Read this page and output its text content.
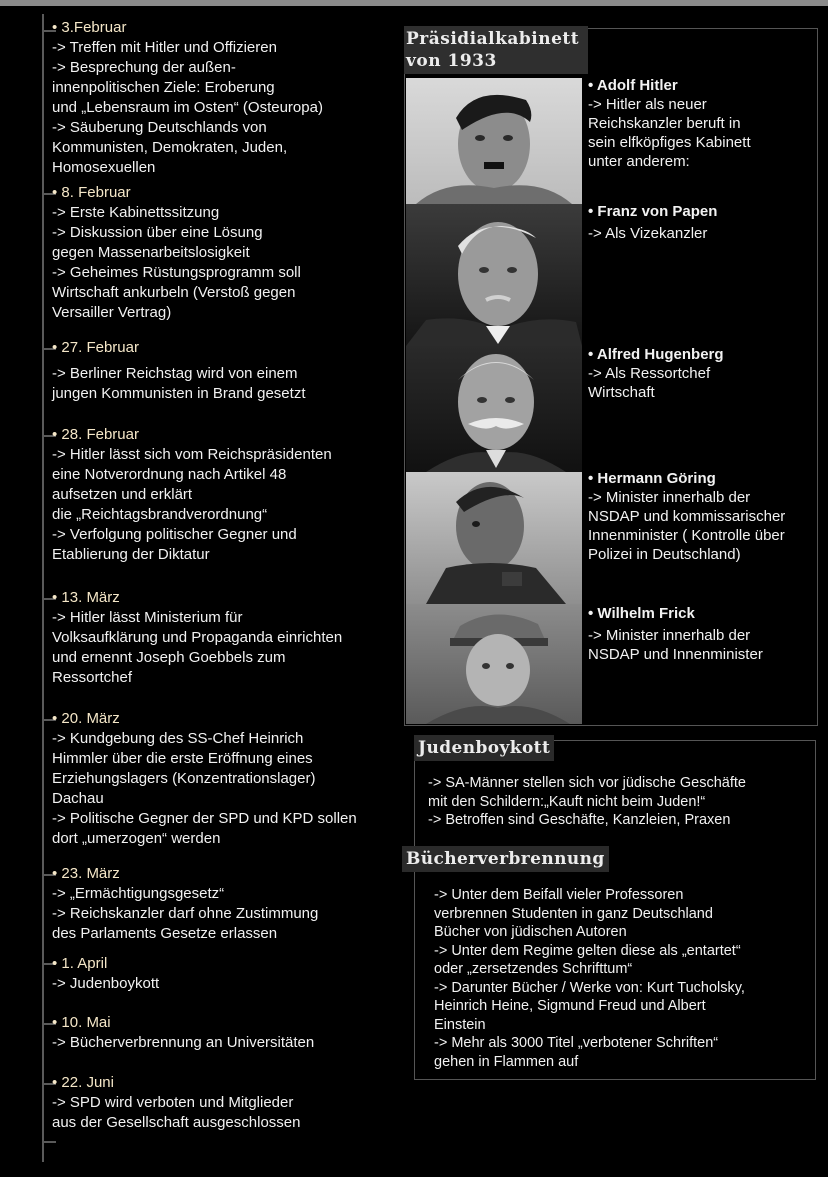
• 3.Februar
-> Treffen mit Hitler und Offizieren
-> Besprechung der außen-
innenpolitischen Ziele: Eroberung
und „Lebensraum im Osten“ (Osteuropa)
-> Säuberung Deutschlands von
Kommunisten, Demokraten, Juden,
Homosexuellen
• 8. Februar
-> Erste Kabinettssitzung
-> Diskussion über eine Lösung
gegen Massenarbeitslosigkeit
-> Geheimes Rüstungsprogramm soll
Wirtschaft ankurbeln (Verstoß gegen
Versailler Vertrag)
• 27. Februar
-> Berliner Reichstag wird von einem
jungen Kommunisten in Brand gesetzt
• 28. Februar
-> Hitler lässt sich vom Reichspräsidenten
eine Notverordnung nach Artikel 48
aufsetzen und erklärt
die „Reichtagsbrandverordnung“
-> Verfolgung politischer Gegner und
Etablierung der Diktatur
• 13. März
-> Hitler lässt Ministerium für
Volksaufklärung und Propaganda einrichten
und ernennt Joseph Goebbels zum
Ressortchef
• 20. März
-> Kundgebung des SS-Chef Heinrich
Himmler über die erste Eröffnung eines
Erziehungslagers (Konzentrationslager)
Dachau
-> Politische Gegner der SPD und KPD sollen
dort „umerzogen“ werden
• 23. März
-> „Ermächtigungsgesetz“
-> Reichskanzler darf ohne Zustimmung
des Parlaments Gesetze erlassen
• 1. April
-> Judenboykott
• 10. Mai
-> Bücherverbrennung an Universitäten
• 22. Juni
-> SPD wird verboten und Mitglieder
aus der Gesellschaft ausgeschlossen
Präsidialkabinett
von 1933
• Adolf Hitler
-> Hitler als neuer
Reichskanzler beruft in
sein elfköpfiges Kabinett
unter anderem:
• Franz von Papen
-> Als Vizekanzler
• Alfred Hugenberg
-> Als Ressortchef
Wirtschaft
• Hermann Göring
-> Minister innerhalb der
NSDAP und kommissarischer
Innenminister ( Kontrolle über
Polizei in Deutschland)
• Wilhelm Frick
-> Minister innerhalb der
NSDAP und Innenminister
Judenboykott
-> SA-Männer stellen sich vor jüdische Geschäfte
mit den Schildern:„Kauft nicht beim Juden!“
-> Betroffen sind Geschäfte, Kanzleien, Praxen
Bücherverbrennung
-> Unter dem Beifall vieler Professoren
verbrennen Studenten in ganz Deutschland
Bücher von jüdischen Autoren
-> Unter dem Regime gelten diese als „entartet“
oder „zersetzendes Schrifttum“
-> Darunter Bücher / Werke von: Kurt Tucholsky,
Heinrich Heine, Sigmund Freud und Albert
Einstein
-> Mehr als 3000 Titel „verbotener Schriften“
gehen in Flammen auf
